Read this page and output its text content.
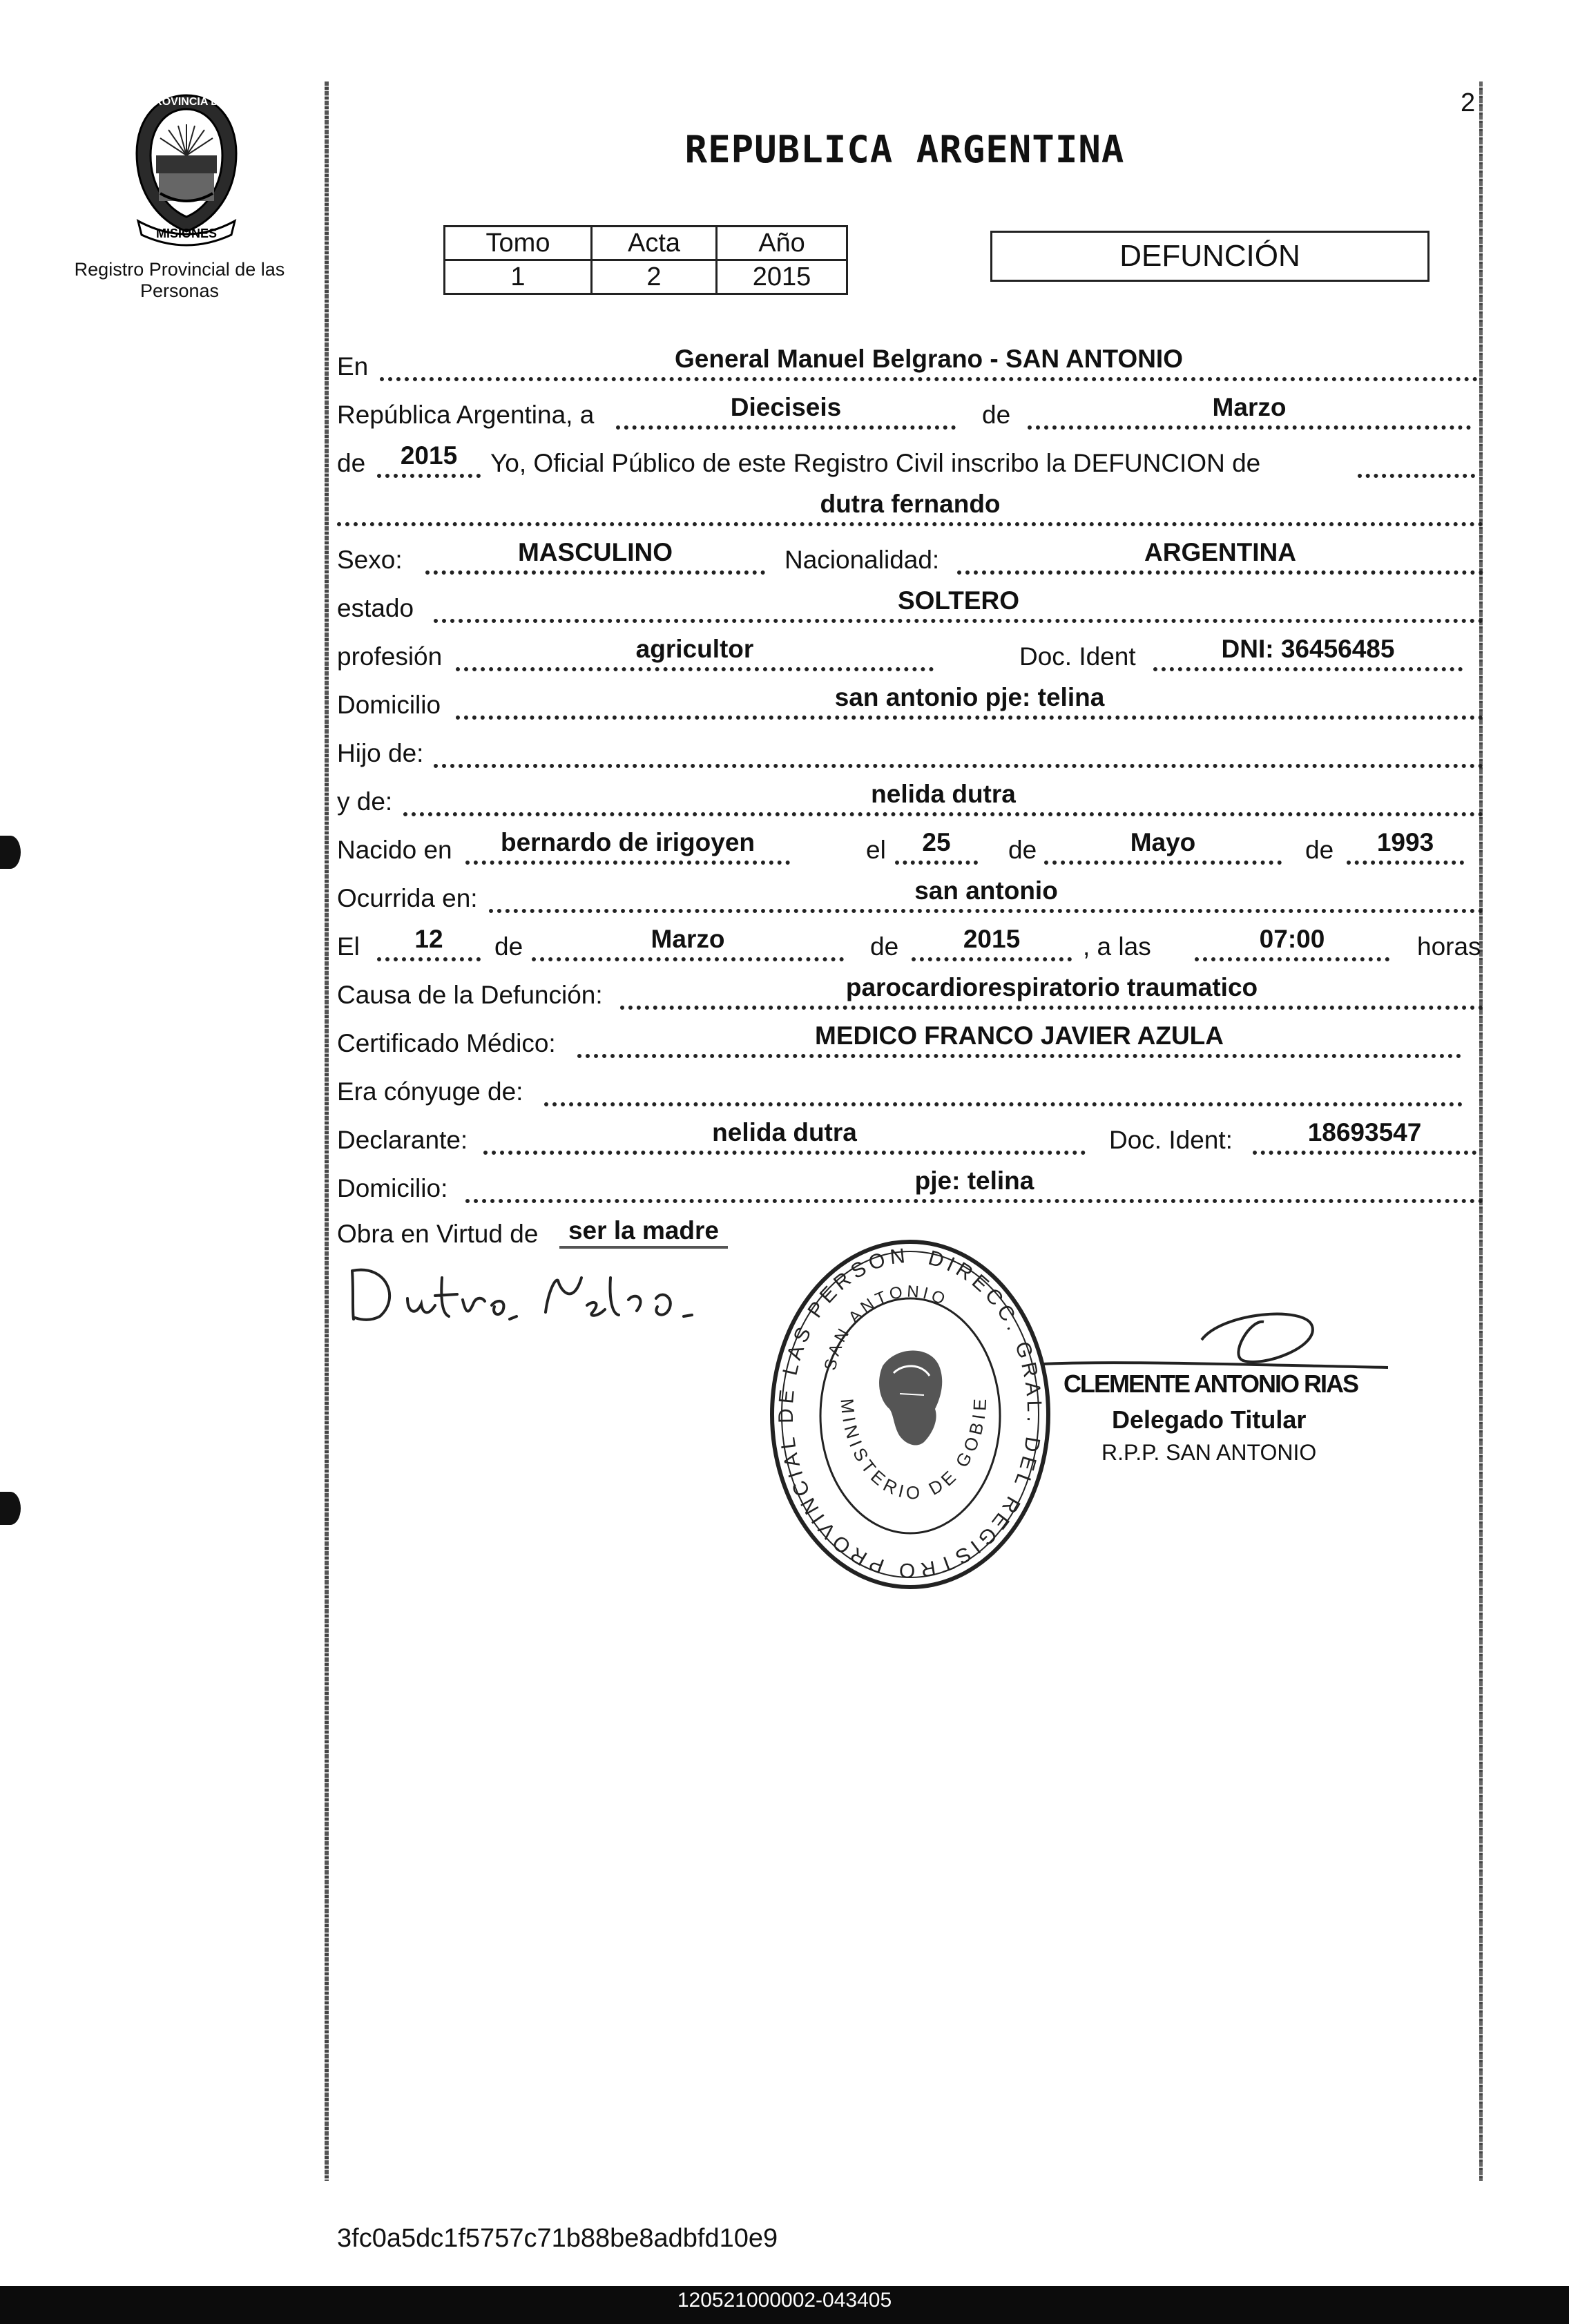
2
PROVINCIA DE
MISIONES
Registro Provincial de las Personas
REPUBLICA ARGENTINA
Tomo	Acta	Año
1	2	2015
DEFUNCIÓN
En	General Manuel Belgrano - SAN ANTONIO
República Argentina, a	Dieciseis	de	Marzo
de	2015	Yo, Oficial Público de este Registro Civil inscribo la DEFUNCION de
dutra fernando
Sexo:	MASCULINO	Nacionalidad:	ARGENTINA
estado	SOLTERO
profesión	agricultor	Doc. Ident	DNI: 36456485
Domicilio	san antonio pje: telina
Hijo de:
y de:	nelida dutra
Nacido en	bernardo de irigoyen	el	25	de	Mayo	de	1993
Ocurrida en:	san antonio
El	12	de	Marzo	de	2015	, a las	07:00	horas
Causa de la Defunción:	parocardiorespiratorio traumatico
Certificado Médico:	MEDICO FRANCO JAVIER AZULA
Era cónyuge de:
Declarante:	nelida dutra	Doc. Ident:	18693547
Domicilio:	pje: telina
Obra en Virtud de	ser la madre
DIRECC. GRAL. DEL REGISTRO PROVINCIAL DE LAS PERSON
SAN ANTONIO
MINISTERIO DE GOBIE
CLEMENTE ANTONIO RIAS
Delegado Titular
R.P.P. SAN ANTONIO
3fc0a5dc1f5757c71b88be8adbfd10e9
120521000002-043405
